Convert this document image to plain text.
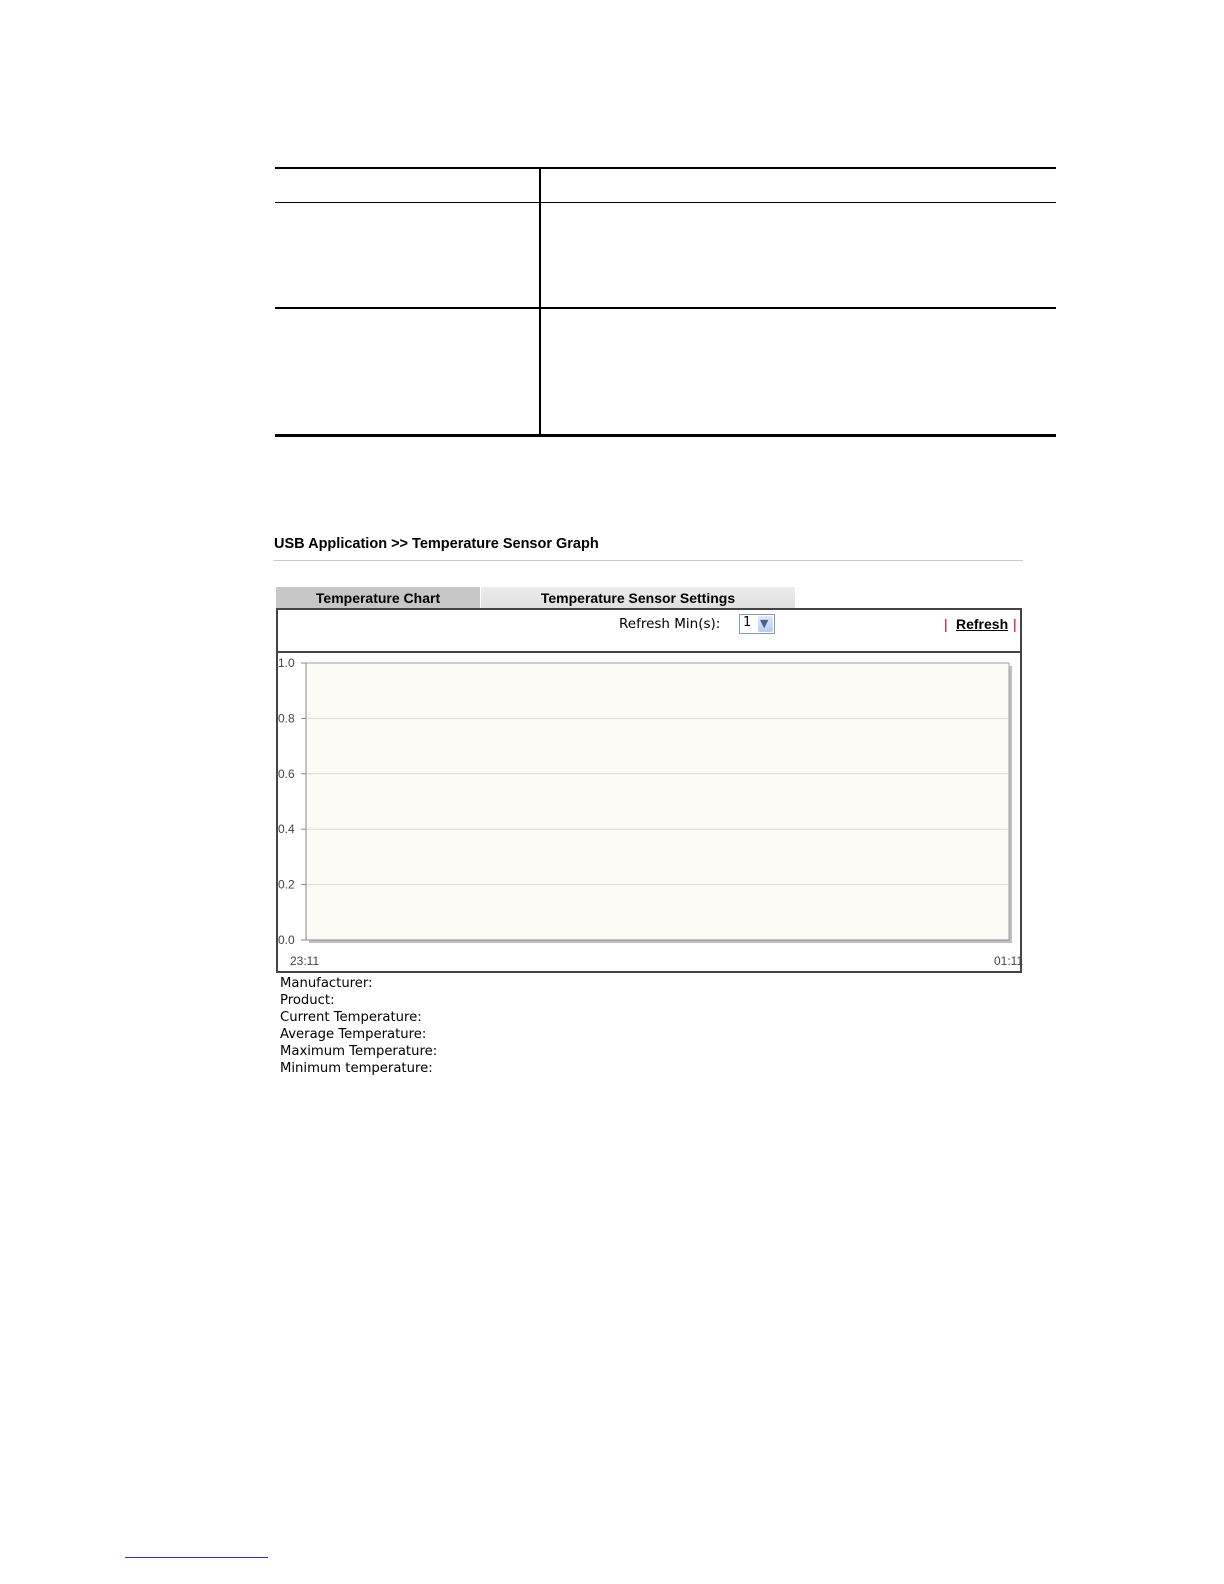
USB Application >> Temperature Sensor Graph
Temperature Chart	Temperature Sensor Settings
Refresh Min(s): 1 ▼	| Refresh |
0.0
0.2
0.4
0.6
0.8
1.0
23:11	01:11
Manufacturer:
Product:
Current Temperature:
Average Temperature:
Maximum Temperature:
Minimum temperature:
